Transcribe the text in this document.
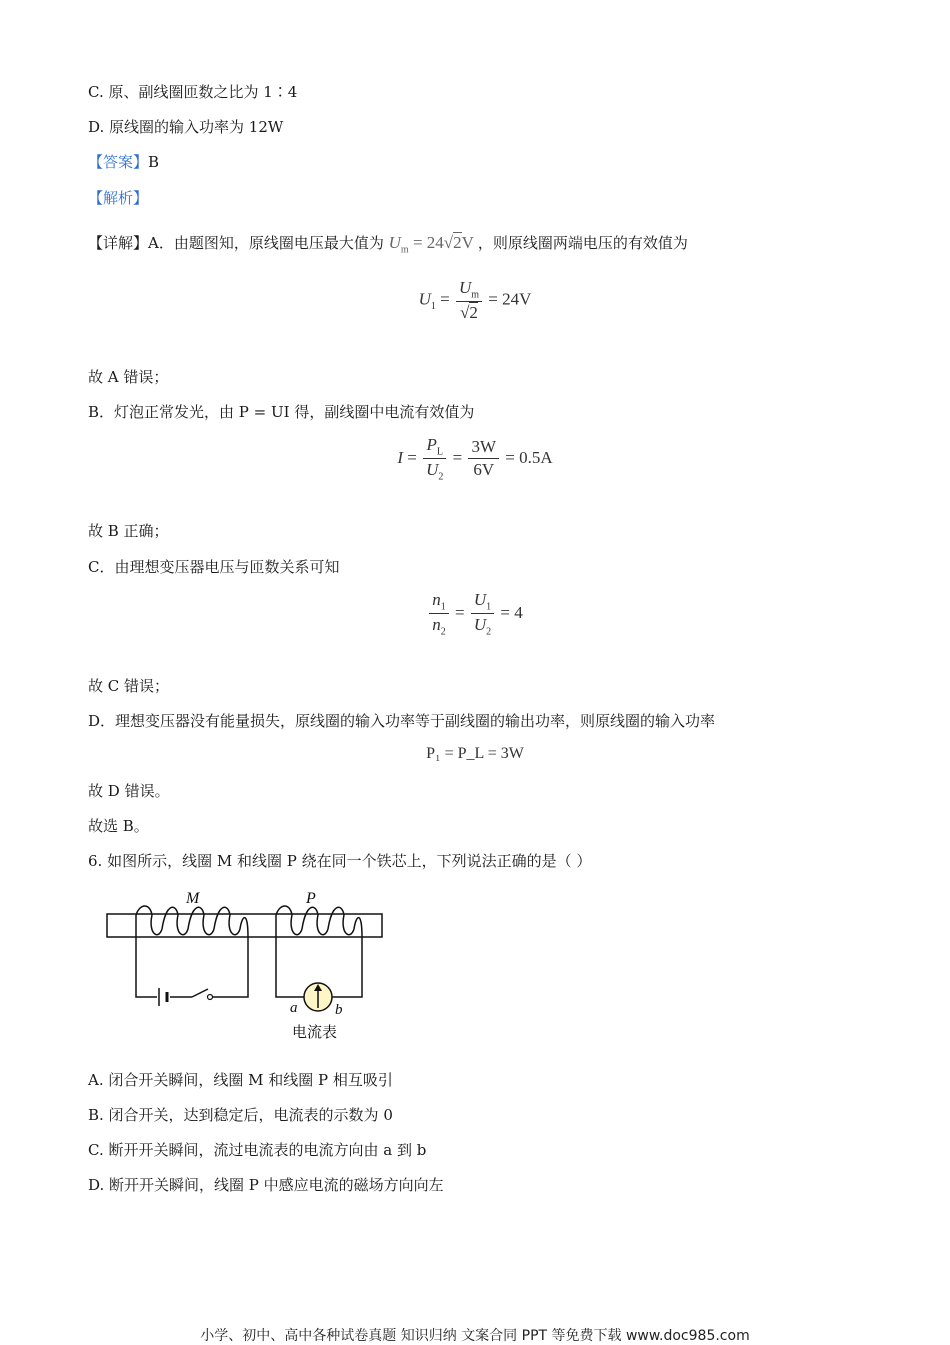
C. 原、副线圈匝数之比为 1∶4
D. 原线圈的输入功率为 12W
【答案】B
【解析】
【详解】A．由题图知，原线圈电压最大值为 $U_m = 24√2V$ ，则原线圈两端电压的有效值为
$U_1 = \frac{U_m}{√2} = 24V$
故 A 错误；
B．灯泡正常发光，由 P = UI 得，副线圈中电流有效值为
$I = \frac{P_L}{U_2} = \frac{3W}{6V} = 0.5A$
故 B 正确；
C．由理想变压器电压与匝数关系可知
$\frac{n_1}{n_2} = \frac{U_1}{U_2} = 4$
故 C 错误；
D．理想变压器没有能量损失，原线圈的输入功率等于副线圈的输出功率，则原线圈的输入功率
P₁ = P_L = 3W
故 D 错误。
故选 B。
6. 如图所示，线圈 M 和线圈 P 绕在同一个铁芯上，下列说法正确的是（ ）
M	P
a	b
电流表
A. 闭合开关瞬间，线圈 M 和线圈 P 相互吸引
B. 闭合开关，达到稳定后，电流表的示数为 0
C. 断开开关瞬间，流过电流表的电流方向由 a 到 b
D. 断开开关瞬间，线圈 P 中感应电流的磁场方向向左
小学、初中、高中各种试卷真题 知识归纳 文案合同 PPT 等免费下载 www.doc985.com
